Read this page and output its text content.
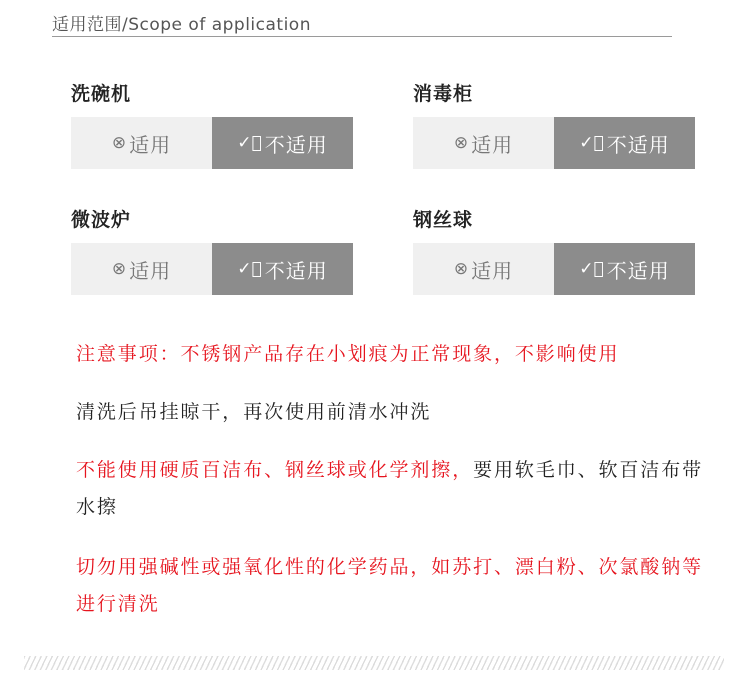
适用范围/Scope of application
洗碗机
⊗ 适用	✓⃝ 不适用
消毒柜
⊗ 适用	✓⃝ 不适用
微波炉
⊗ 适用	✓⃝ 不适用
钢丝球
⊗ 适用	✓⃝ 不适用
注意事项：不锈钢产品存在小划痕为正常现象，不影响使用
清洗后吊挂晾干，再次使用前清水冲洗
不能使用硬质百洁布、钢丝球或化学剂擦，要用软毛巾、软百洁布带水擦
切勿用强碱性或强氧化性的化学药品，如苏打、漂白粉、次氯酸钠等进行清洗
